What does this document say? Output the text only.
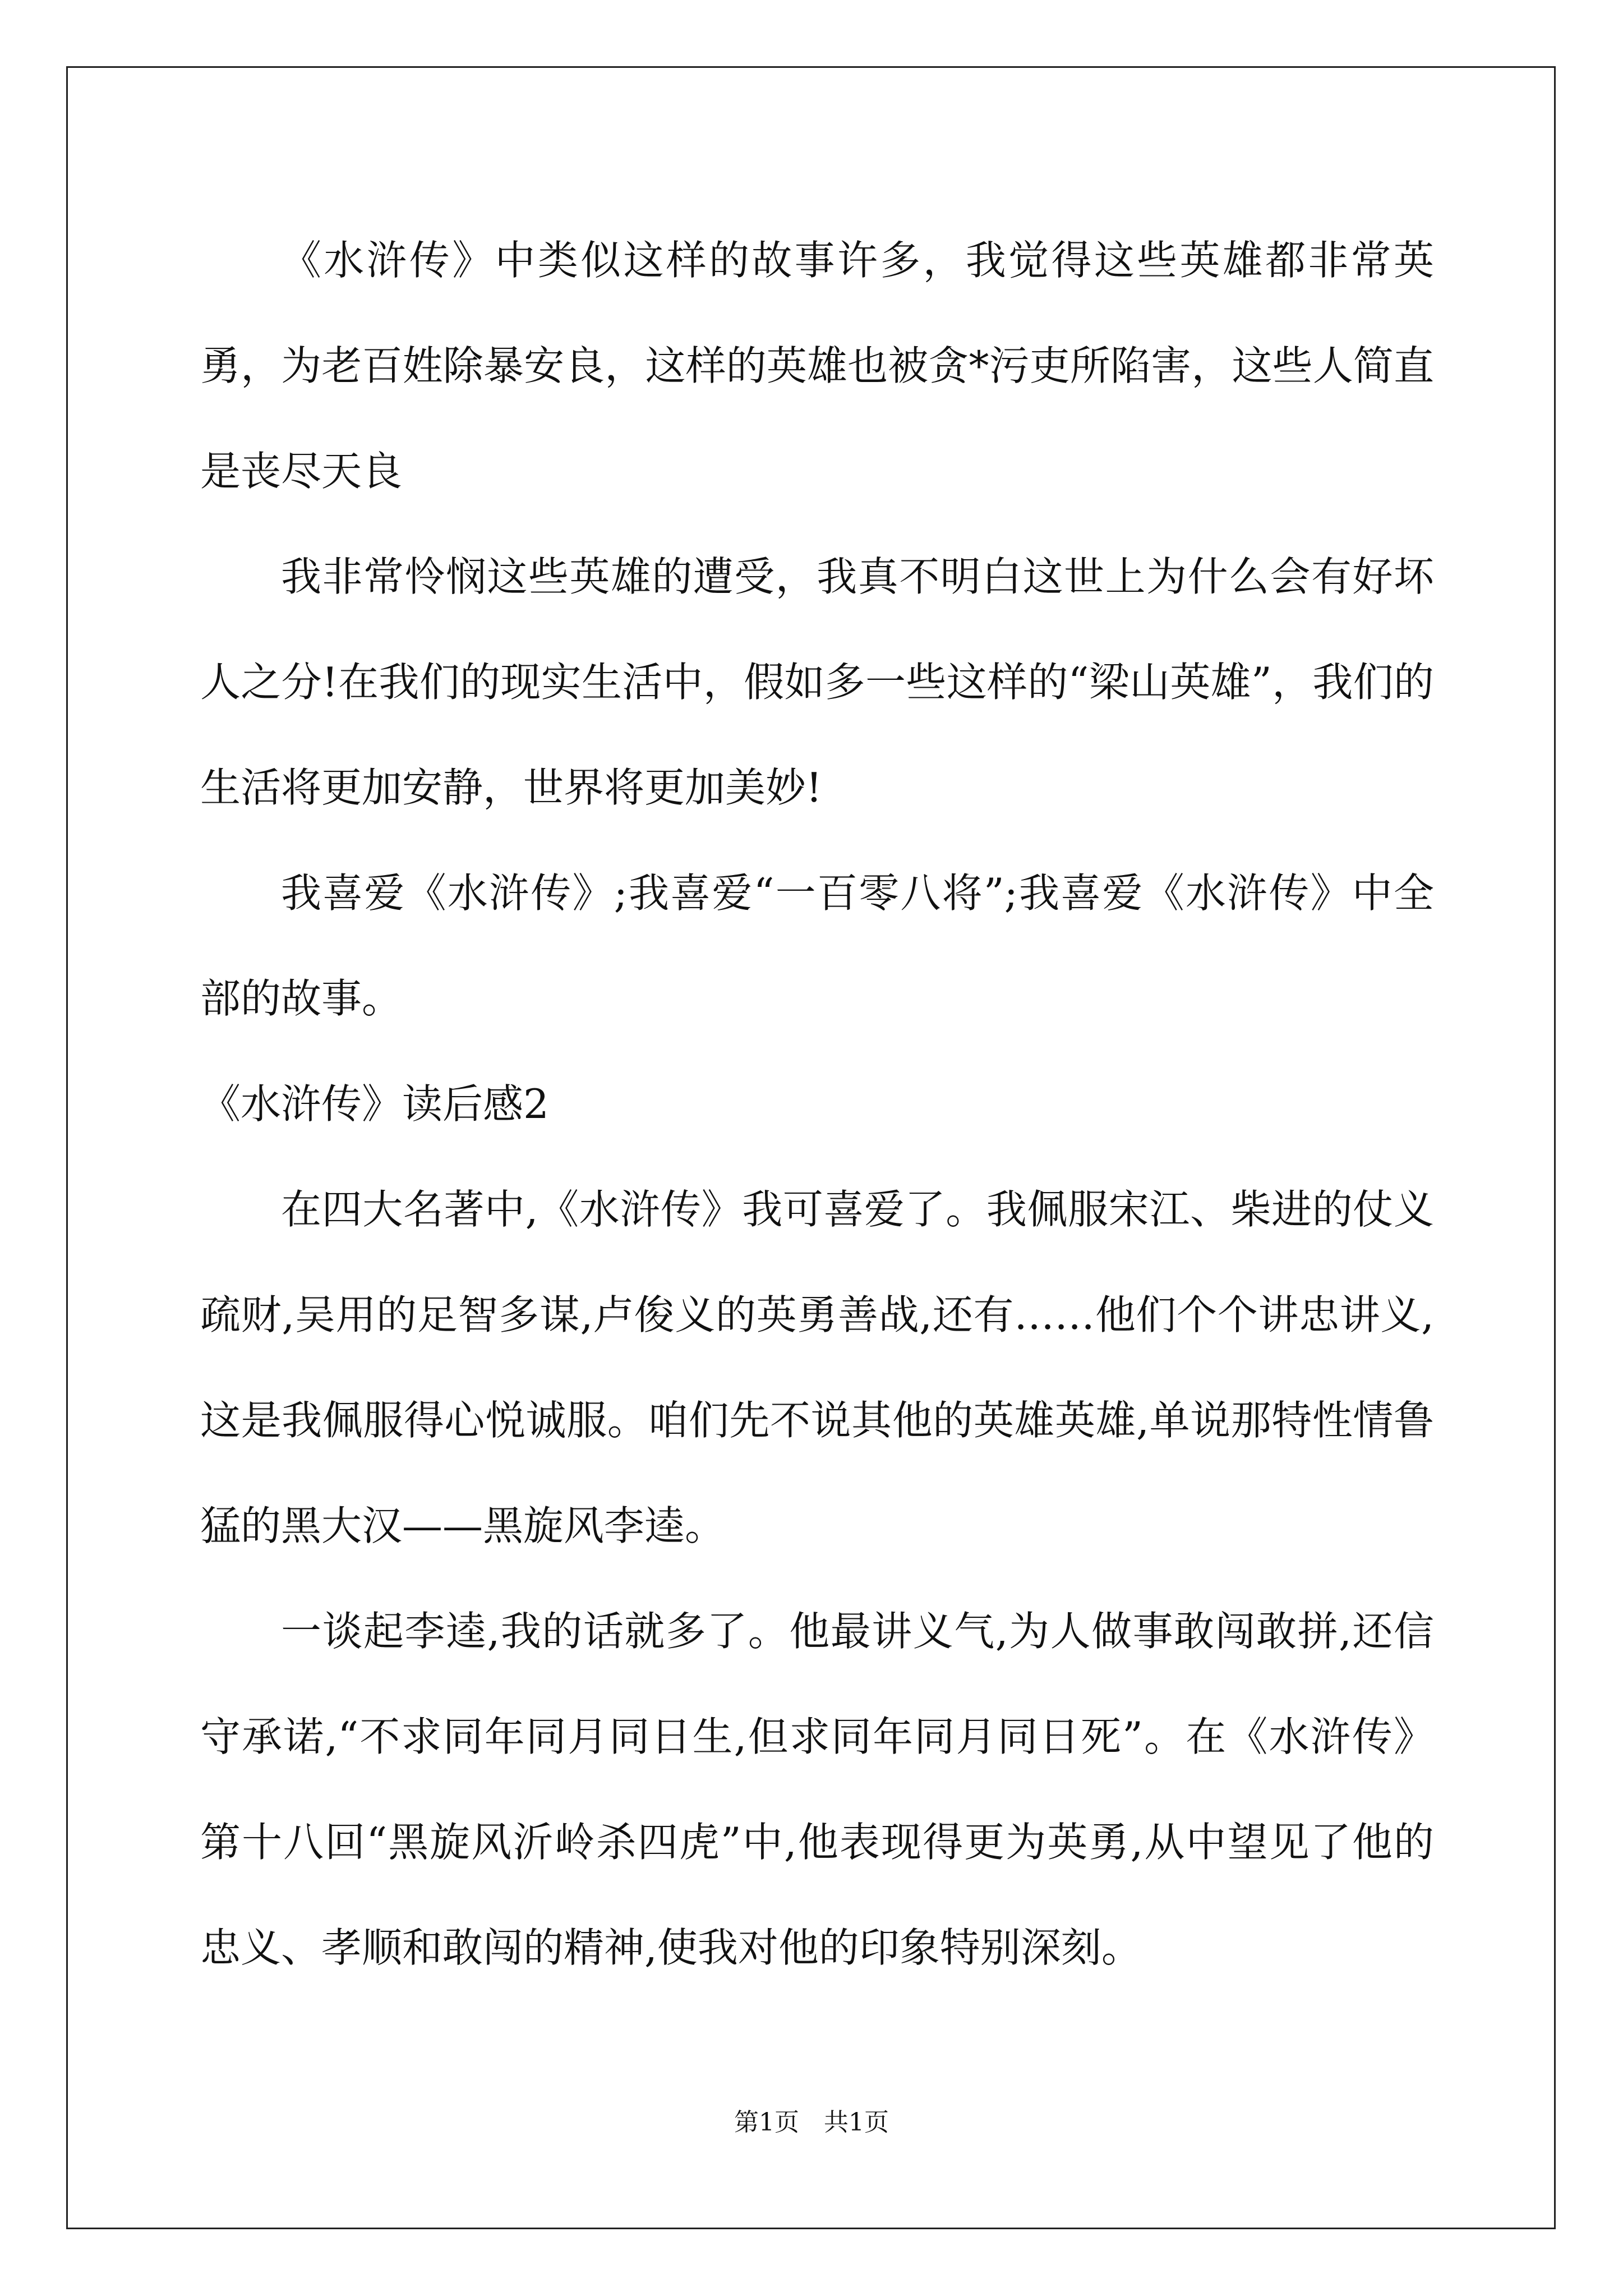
《水浒传》中类似这样的故事许多，我觉得这些英雄都非常英勇，为老百姓除暴安良，这样的英雄也被贪*污吏所陷害，这些人简直是丧尽天良

我非常怜悯这些英雄的遭受，我真不明白这世上为什么会有好坏人之分!在我们的现实生活中，假如多一些这样的“梁山英雄”，我们的生活将更加安静，世界将更加美妙!

我喜爱《水浒传》;我喜爱“一百零八将”;我喜爱《水浒传》中全部的故事。

《水浒传》读后感2

在四大名著中,《水浒传》我可喜爱了。我佩服宋江、柴进的仗义疏财,吴用的足智多谋,卢俊义的英勇善战,还有……他们个个讲忠讲义,这是我佩服得心悦诚服。咱们先不说其他的英雄英雄,单说那特性情鲁猛的黑大汉——黑旋风李逵。

一谈起李逵,我的话就多了。他最讲义气,为人做事敢闯敢拼,还信守承诺,“不求同年同月同日生,但求同年同月同日死”。在《水浒传》第十八回“黑旋风沂岭杀四虎”中,他表现得更为英勇,从中望见了他的忠义、孝顺和敢闯的精神,使我对他的印象特别深刻。

第1页　共1页
